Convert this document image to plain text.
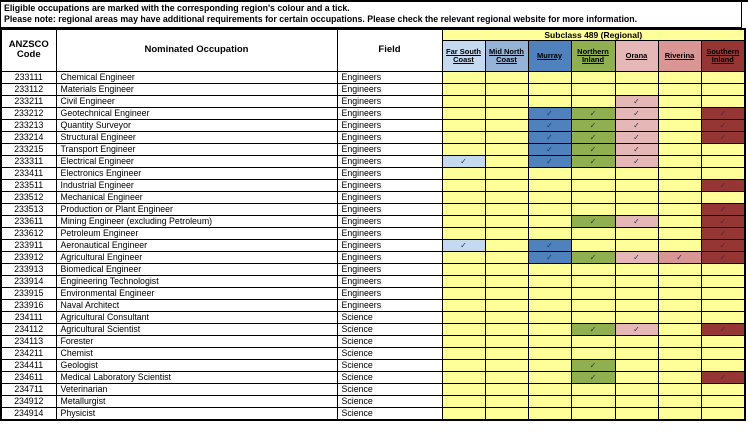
Eligible occupations are marked with the corresponding region's colour and a tick.
Please note: regional areas may have additional requirements for certain occupations. Please check the relevant regional website for more information.
ANZSCO Code	Nominated Occupation	Field	Subclass 489 (Regional)						
			Far South Coast	Mid North Coast	Murray	Northern Inland	Orana	Riverina	Southern Inland
233111	Chemical Engineer	Engineers							
233112	Materials Engineer	Engineers							
233211	Civil Engineer	Engineers					✓		
233212	Geotechnical Engineer	Engineers			✓	✓	✓		✓
233213	Quantity Surveyor	Engineers			✓	✓	✓		✓
233214	Structural Engineer	Engineers			✓	✓	✓		✓
233215	Transport Engineer	Engineers			✓	✓	✓		
233311	Electrical Engineer	Engineers	✓		✓	✓	✓		
233411	Electronics Engineer	Engineers							
233511	Industrial Engineer	Engineers							✓
233512	Mechanical Engineer	Engineers							
233513	Production or Plant Engineer	Engineers							✓
233611	Mining Engineer (excluding Petroleum)	Engineers				✓	✓		✓
233612	Petroleum Engineer	Engineers							✓
233911	Aeronautical Engineer	Engineers	✓		✓				✓
233912	Agricultural Engineer	Engineers			✓	✓	✓	✓	✓
233913	Biomedical Engineer	Engineers							
233914	Engineering Technologist	Engineers							
233915	Environmental Engineer	Engineers							
233916	Naval Architect	Engineers							
234111	Agricultural Consultant	Science							
234112	Agricultural Scientist	Science				✓	✓		✓
234113	Forester	Science							
234211	Chemist	Science							
234411	Geologist	Science				✓			
234611	Medical Laboratory Scientist	Science				✓			✓
234711	Veterinarian	Science							
234912	Metallurgist	Science							
234914	Physicist	Science							
